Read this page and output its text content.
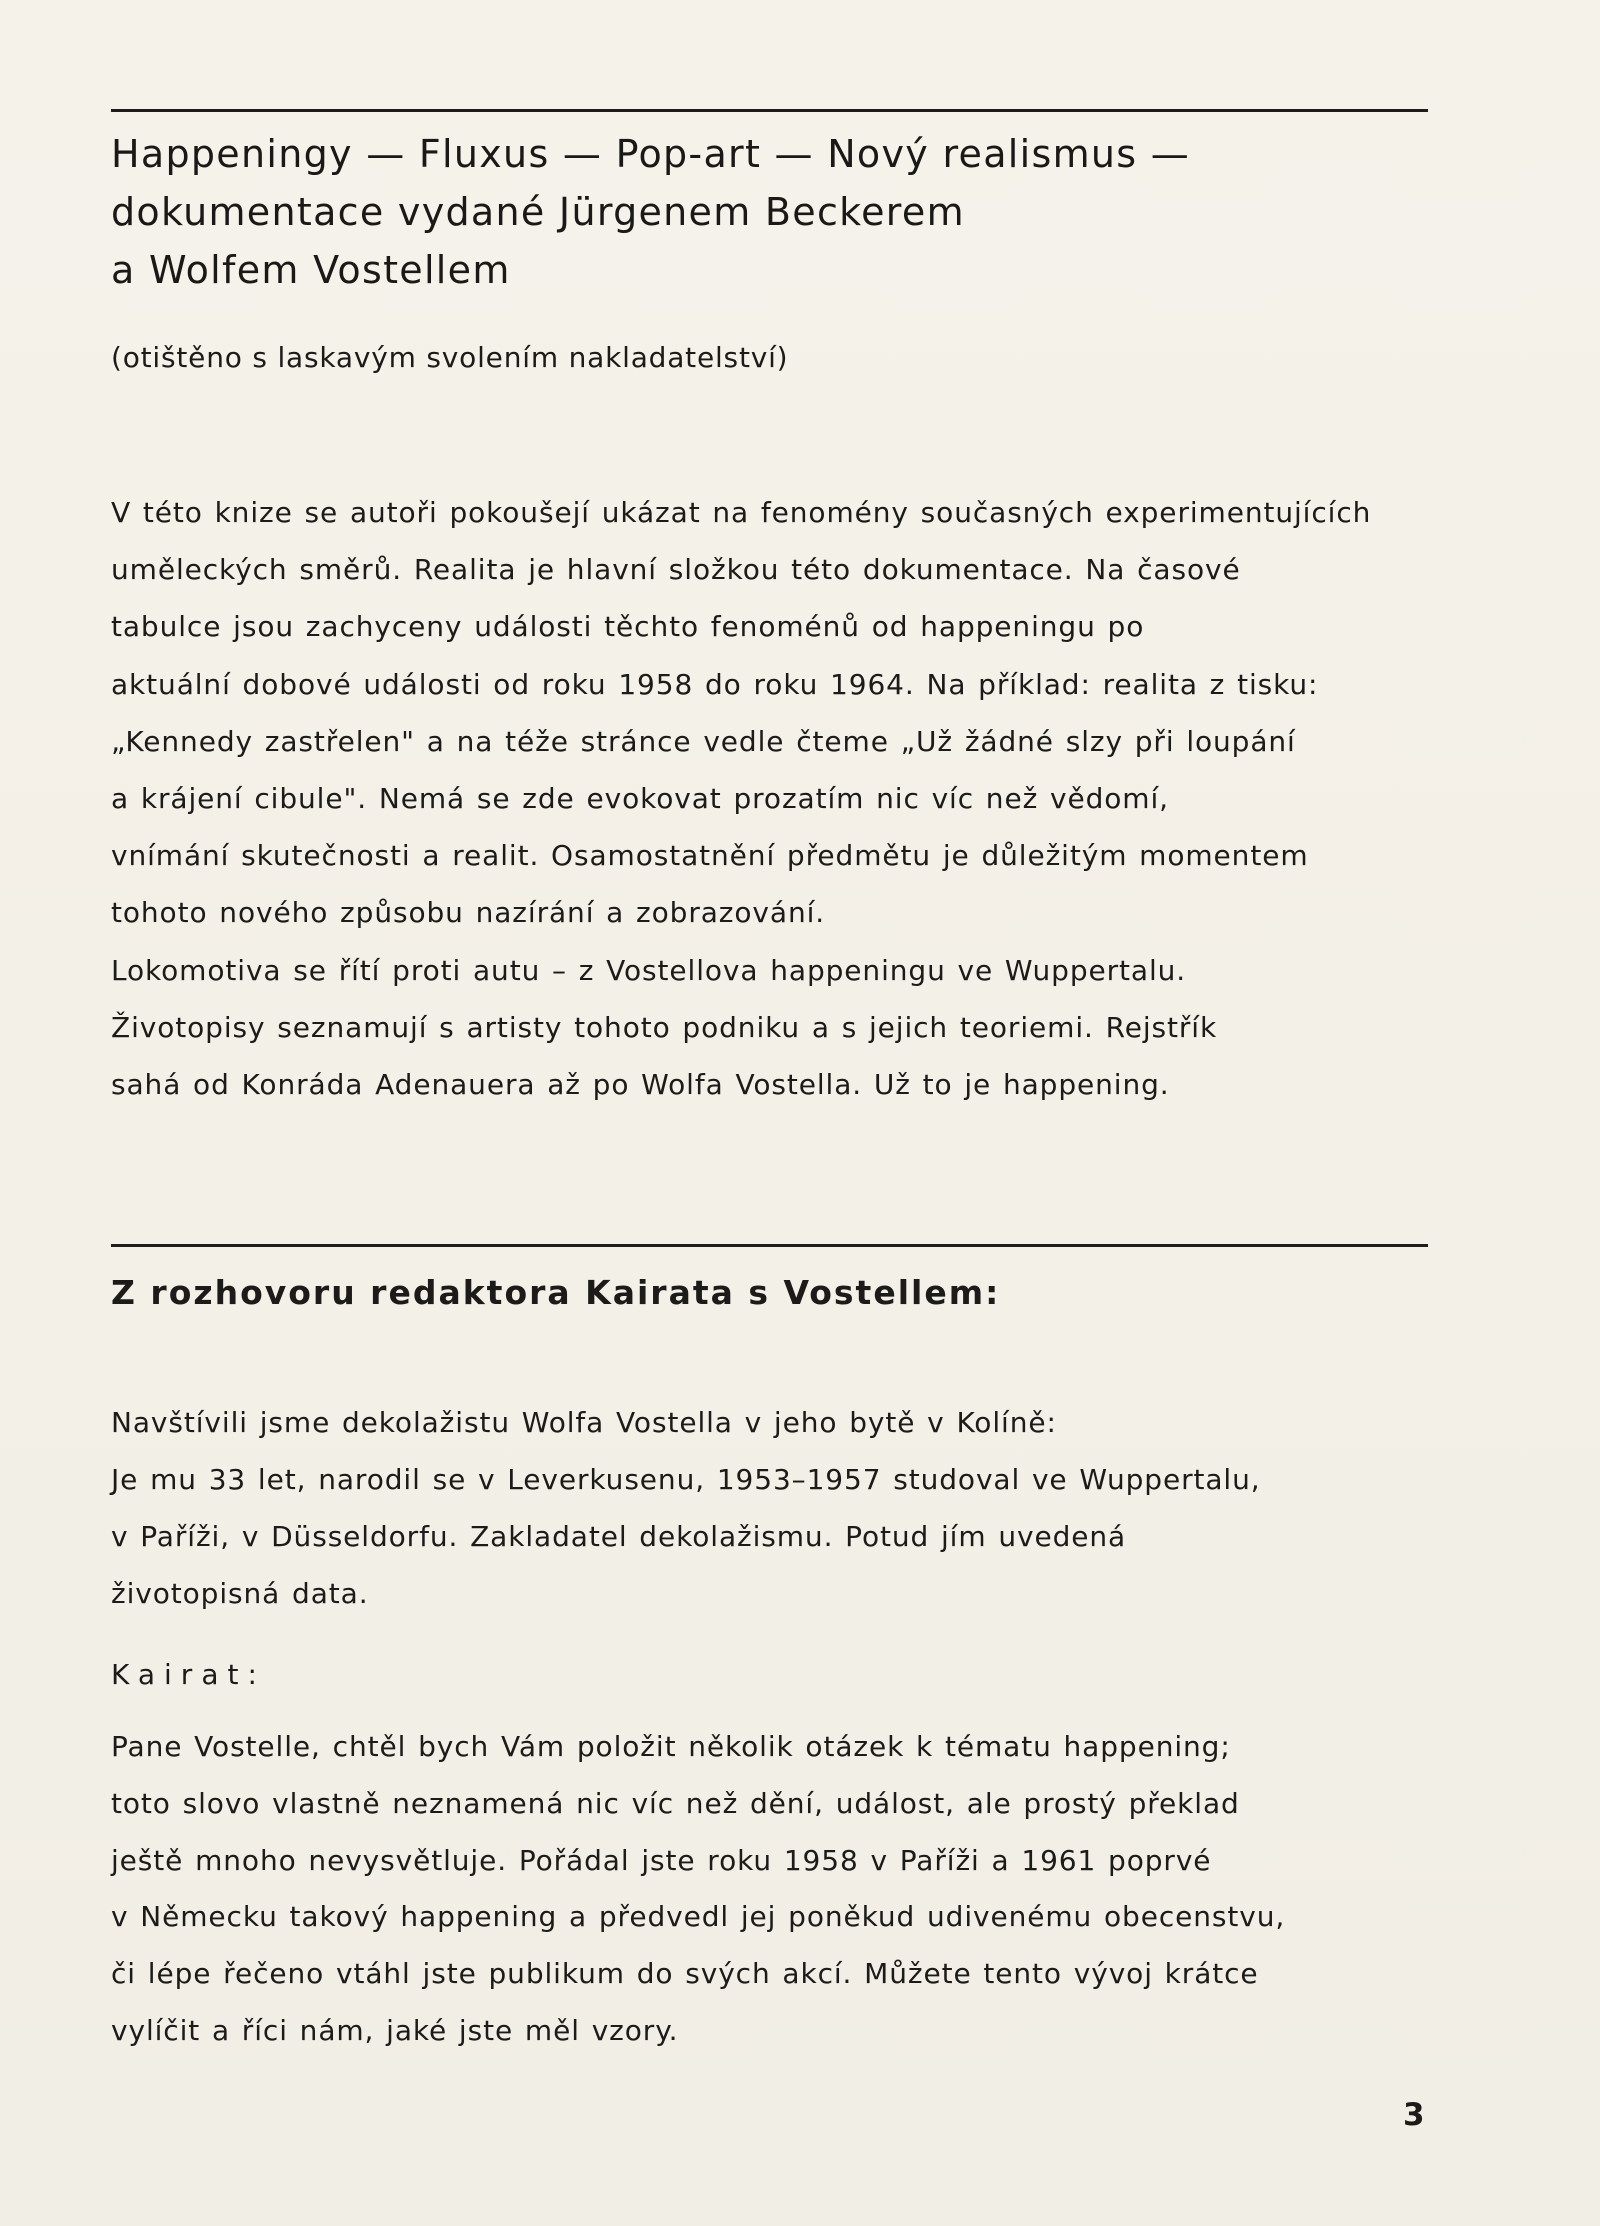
Happeningy — Fluxus — Pop-art — Nový realismus —
dokumentace vydané Jürgenem Beckerem
a Wolfem Vostellem
(otištěno s laskavým svolením nakladatelství)
V této knize se autoři pokoušejí ukázat na fenomény současných experimentujících
uměleckých směrů. Realita je hlavní složkou této dokumentace. Na časové
tabulce jsou zachyceny události těchto fenoménů od happeningu po
aktuální dobové události od roku 1958 do roku 1964. Na příklad: realita z tisku:
„Kennedy zastřelen" a na téže stránce vedle čteme „Už žádné slzy při loupání
a krájení cibule". Nemá se zde evokovat prozatím nic víc než vědomí,
vnímání skutečnosti a realit. Osamostatnění předmětu je důležitým momentem
tohoto nového způsobu nazírání a zobrazování.
Lokomotiva se řítí proti autu – z Vostellova happeningu ve Wuppertalu.
Životopisy seznamují s artisty tohoto podniku a s jejich teoriemi. Rejstřík
sahá od Konráda Adenauera až po Wolfa Vostella. Už to je happening.
Z rozhovoru redaktora Kairata s Vostellem:
Navštívili jsme dekolažistu Wolfa Vostella v jeho bytě v Kolíně:
Je mu 33 let, narodil se v Leverkusenu, 1953–1957 studoval ve Wuppertalu,
v Paříži, v Düsseldorfu. Zakladatel dekolažismu. Potud jím uvedená
životopisná data.
Kairat:
Pane Vostelle, chtěl bych Vám položit několik otázek k tématu happening;
toto slovo vlastně neznamená nic víc než dění, událost, ale prostý překlad
ještě mnoho nevysvětluje. Pořádal jste roku 1958 v Paříži a 1961 poprvé
v Německu takový happening a předvedl jej poněkud udivenému obecenstvu,
či lépe řečeno vtáhl jste publikum do svých akcí. Můžete tento vývoj krátce
vylíčit a říci nám, jaké jste měl vzory.
3
